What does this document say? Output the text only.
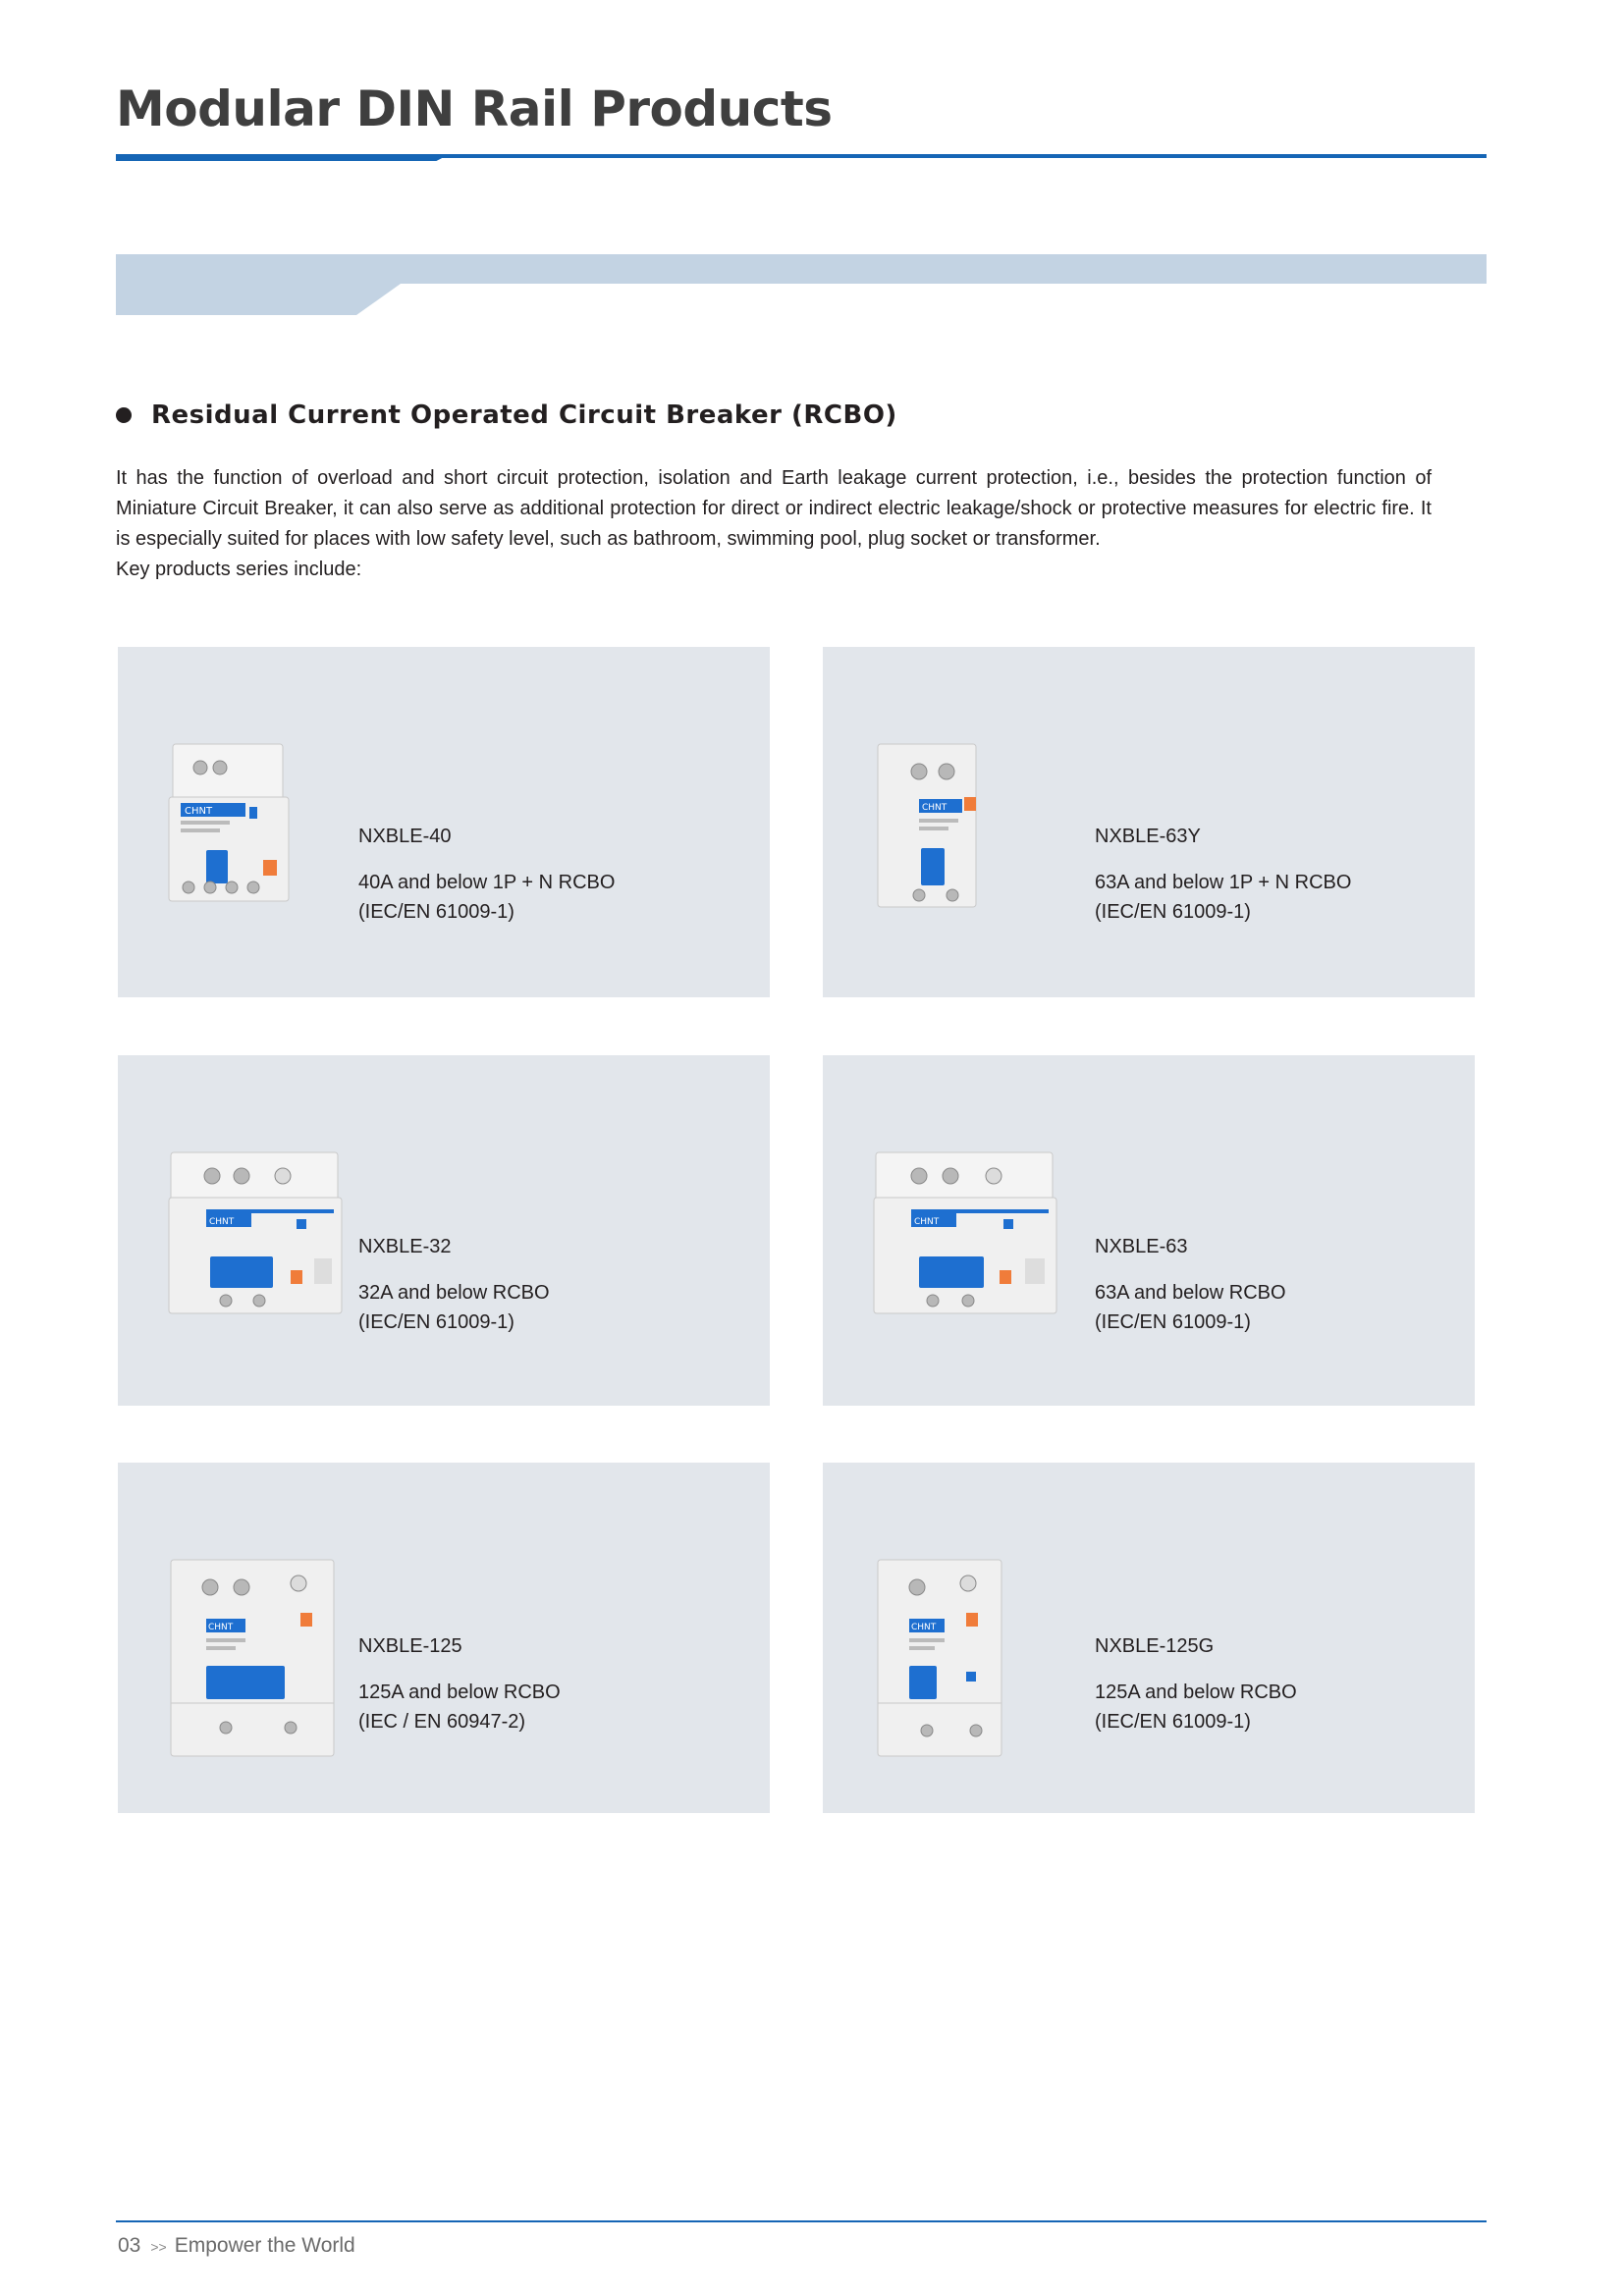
Modular DIN Rail Products
Residual Current Operated Circuit Breaker (RCBO)

It has the function of overload and short circuit protection, isolation and Earth leakage current protection, i.e., besides the protection function of Miniature Circuit Breaker, it can also serve as additional protection for direct or indirect electric leakage/shock or protective measures for electric fire. It is especially suited for places with low safety level, such as bathroom, swimming pool, plug socket or transformer.

Key products series include:

CHNT

NXBLE-40

40A and below 1P + N RCBO

(IEC/EN 61009-1)

CHNT

NXBLE-63Y

63A and below 1P + N RCBO

(IEC/EN 61009-1)

CHNT

NXBLE-32

32A and below RCBO

(IEC/EN 61009-1)

CHNT

NXBLE-63

63A and below RCBO

(IEC/EN 61009-1)

CHNT

NXBLE-125

125A and below RCBO

(IEC / EN 60947-2)

CHNT

NXBLE-125G

125A and below RCBO

(IEC/EN 61009-1)

03 >> Empower the World
